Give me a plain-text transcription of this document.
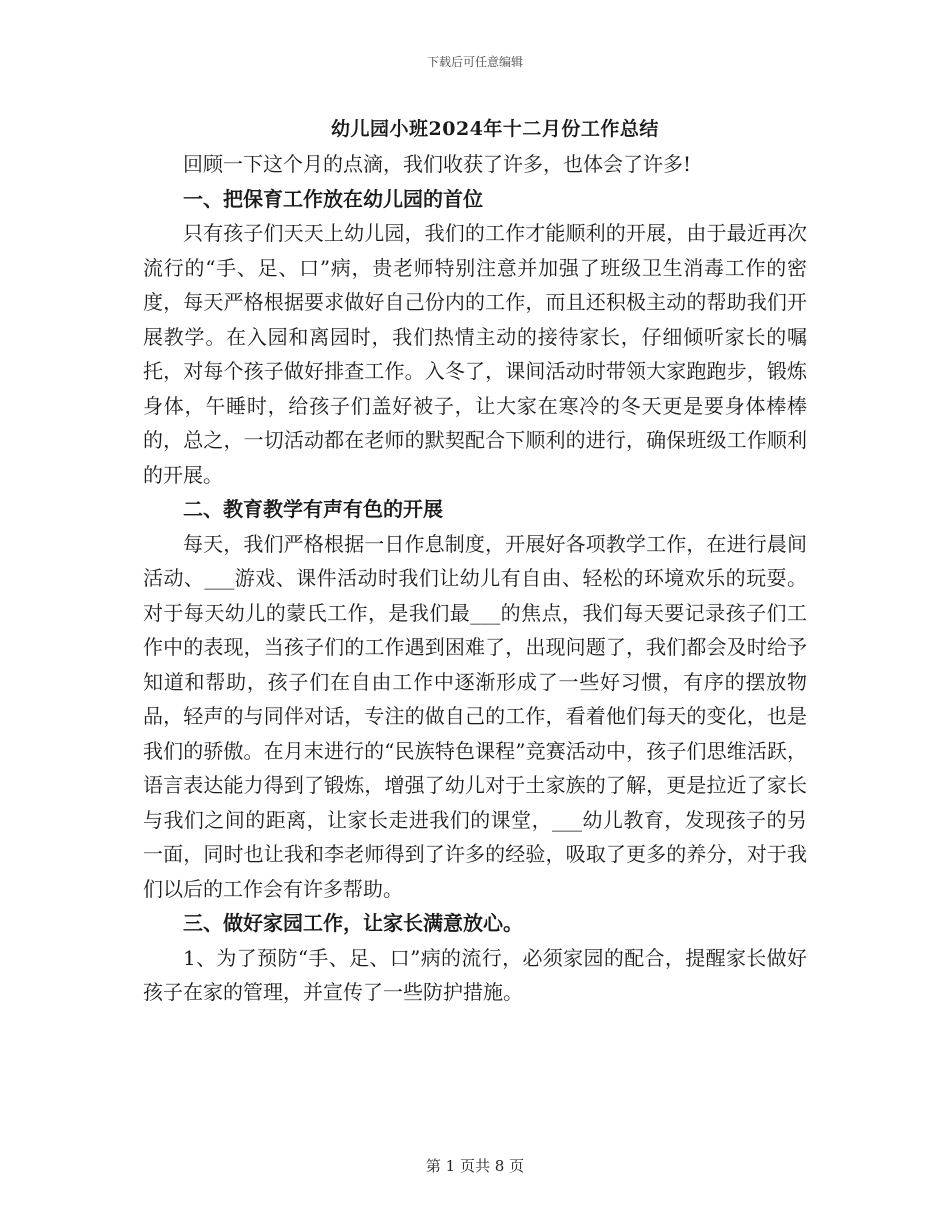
下载后可任意编辑
幼儿园小班2024年十二月份工作总结

回顾一下这个月的点滴，我们收获了许多，也体会了许多!

一、把保育工作放在幼儿园的首位

只有孩子们天天上幼儿园，我们的工作才能顺利的开展，由于最近再次流行的“手、足、口”病，贵老师特别注意并加强了班级卫生消毒工作的密度，每天严格根据要求做好自己份内的工作，而且还积极主动的帮助我们开展教学。在入园和离园时，我们热情主动的接待家长，仔细倾听家长的嘱托，对每个孩子做好排查工作。入冬了，课间活动时带领大家跑跑步，锻炼身体，午睡时，给孩子们盖好被子，让大家在寒冷的冬天更是要身体棒棒的，总之，一切活动都在老师的默契配合下顺利的进行，确保班级工作顺利的开展。

二、教育教学有声有色的开展

每天，我们严格根据一日作息制度，开展好各项教学工作，在进行晨间活动、___游戏、课件活动时我们让幼儿有自由、轻松的环境欢乐的玩耍。对于每天幼儿的蒙氏工作，是我们最___的焦点，我们每天要记录孩子们工作中的表现，当孩子们的工作遇到困难了，出现问题了，我们都会及时给予知道和帮助，孩子们在自由工作中逐渐形成了一些好习惯，有序的摆放物品，轻声的与同伴对话，专注的做自己的工作，看着他们每天的变化，也是我们的骄傲。在月末进行的“民族特色课程”竞赛活动中，孩子们思维活跃，语言表达能力得到了锻炼，增强了幼儿对于土家族的了解，更是拉近了家长与我们之间的距离，让家长走进我们的课堂，___幼儿教育，发现孩子的另一面，同时也让我和李老师得到了许多的经验，吸取了更多的养分，对于我们以后的工作会有许多帮助。

三、做好家园工作，让家长满意放心。

1、为了预防“手、足、口”病的流行，必须家园的配合，提醒家长做好孩子在家的管理，并宣传了一些防护措施。

第 1 页共 8 页
